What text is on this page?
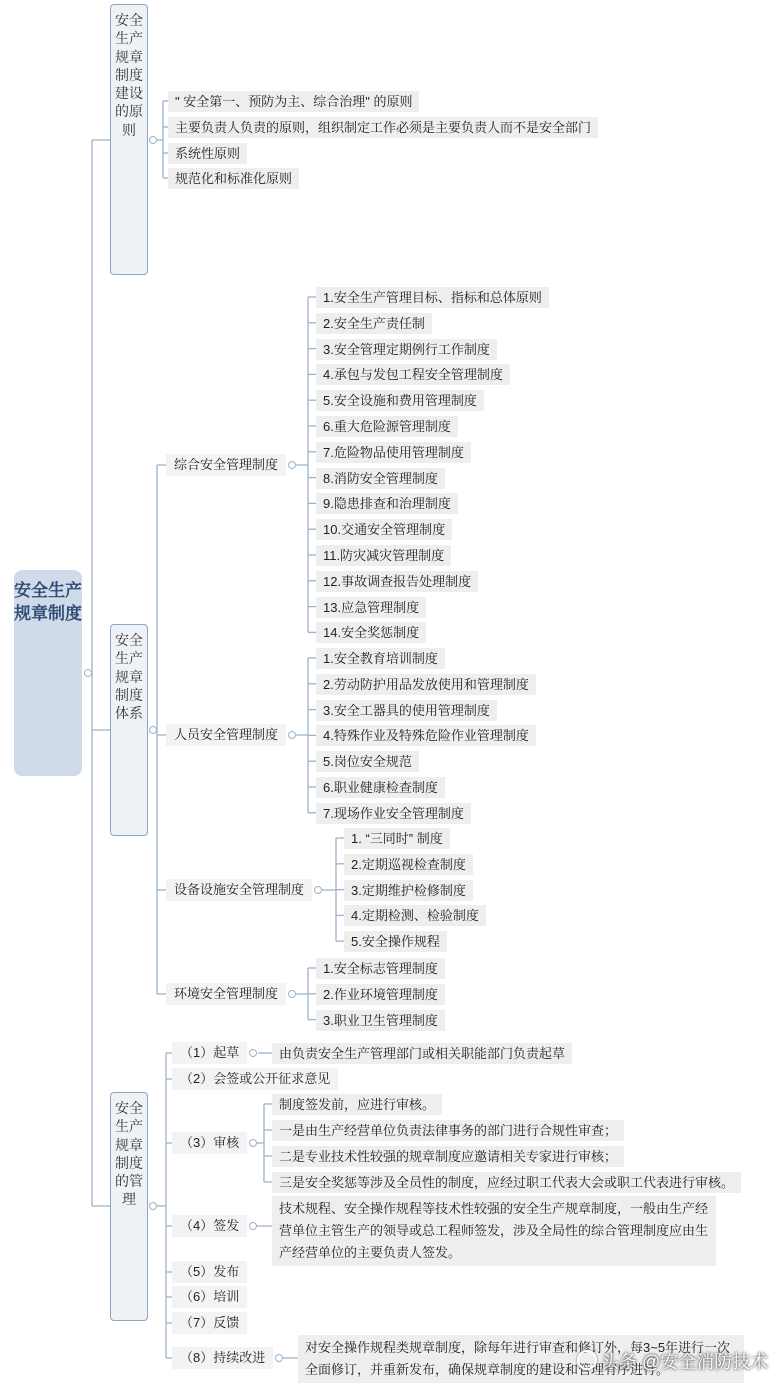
安全生产规章制度
安全生产规章制度建设的原则
安全生产规章制度体系
安全生产规章制度的管理
" 安全第一、预防为主、综合治理" 的原则
主要负责人负责的原则，组织制定工作必须是主要负责人而不是安全部门
系统性原则
规范化和标准化原则
综合安全管理制度
1.安全生产管理目标、指标和总体原则
2.安全生产责任制
3.安全管理定期例行工作制度
4.承包与发包工程安全管理制度
5.安全设施和费用管理制度
6.重大危险源管理制度
7.危险物品使用管理制度
8.消防安全管理制度
9.隐患排查和治理制度
10.交通安全管理制度
11.防灾减灾管理制度
12.事故调查报告处理制度
13.应急管理制度
14.安全奖惩制度
人员安全管理制度
1.安全教育培训制度
2.劳动防护用品发放使用和管理制度
3.安全工器具的使用管理制度
4.特殊作业及特殊危险作业管理制度
5.岗位安全规范
6.职业健康检查制度
7.现场作业安全管理制度
设备设施安全管理制度
1. “三同时” 制度
2.定期巡视检查制度
3.定期维护检修制度
4.定期检测、检验制度
5.安全操作规程
环境安全管理制度
1.安全标志管理制度
2.作业环境管理制度
3.职业卫生管理制度
（1）起草
（2）会签或公开征求意见
（3）审核
（4）签发
（5）发布
（6）培训
（7）反馈
（8）持续改进
由负责安全生产管理部门或相关职能部门负责起草
制度签发前，应进行审核。
一是由生产经营单位负责法律事务的部门进行合规性审查；
二是专业技术性较强的规章制度应邀请相关专家进行审核；
三是安全奖惩等涉及全员性的制度，应经过职工代表大会或职工代表进行审核。
技术规程、安全操作规程等技术性较强的安全生产规章制度，一般由生产经营单位主管生产的领导或总工程师签发，涉及全局性的综合管理制度应由生产经营单位的主要负责人签发。
对安全操作规程类规章制度，除每年进行审查和修订外，每3~5年进行一次全面修订，并重新发布，确保规章制度的建设和管理有序进行。
头条 @安全消防技术
